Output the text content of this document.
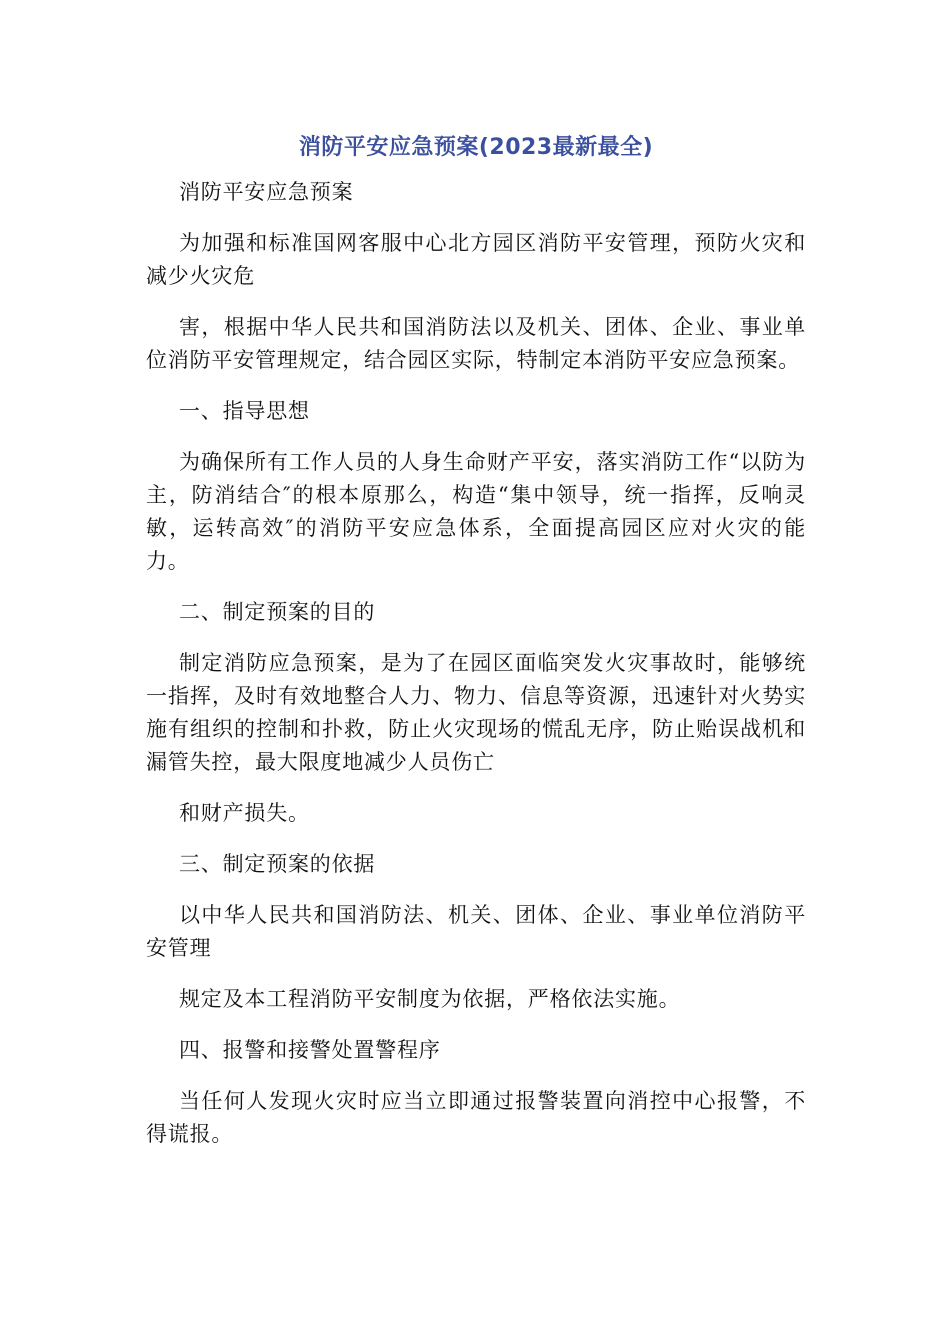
消防平安应急预案(2023最新最全)

消防平安应急预案

为加强和标准国网客服中心北方园区消防平安管理，预防火灾和减少火灾危

害，根据中华人民共和国消防法以及机关、团体、企业、事业单位消防平安管理规定，结合园区实际，特制定本消防平安应急预案。

一、指导思想

为确保所有工作人员的人身生命财产平安，落实消防工作“以防为主，防消结合″的根本原那么，构造“集中领导，统一指挥，反响灵敏，运转高效″的消防平安应急体系，全面提高园区应对火灾的能力。

二、制定预案的目的

制定消防应急预案，是为了在园区面临突发火灾事故时，能够统一指挥，及时有效地整合人力、物力、信息等资源，迅速针对火势实施有组织的控制和扑救，防止火灾现场的慌乱无序，防止贻误战机和漏管失控，最大限度地减少人员伤亡

和财产损失。

三、制定预案的依据

以中华人民共和国消防法、机关、团体、企业、事业单位消防平安管理

规定及本工程消防平安制度为依据，严格依法实施。

四、报警和接警处置警程序

当任何人发现火灾时应当立即通过报警装置向消控中心报警，不得谎报。
